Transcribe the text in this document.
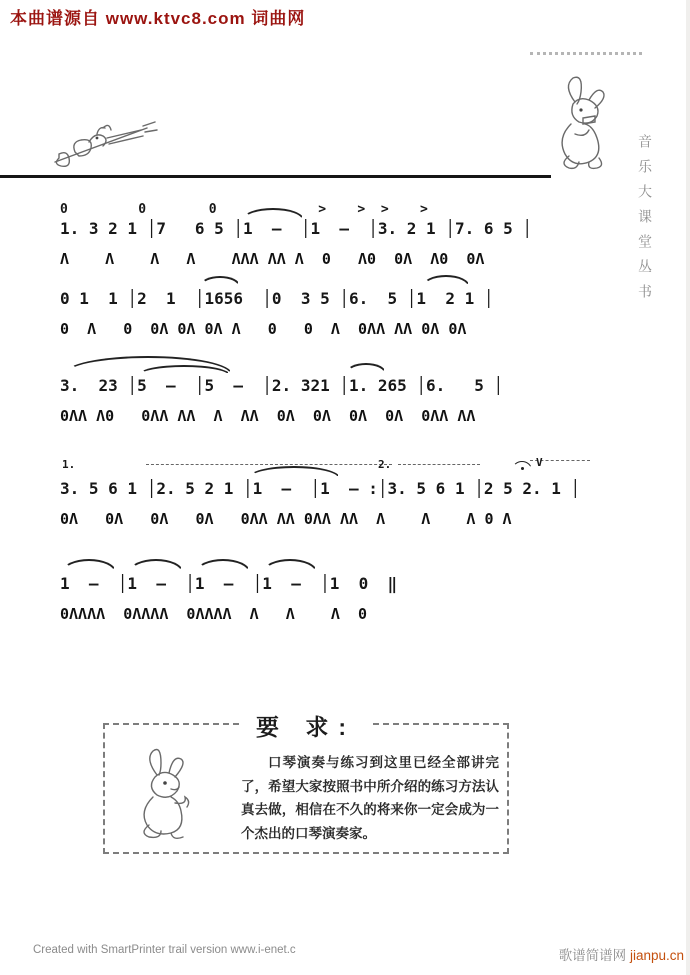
本曲谱源自 www.ktvc8.com 词曲网
音乐大课堂丛书
0         0        0             >    >  >    >
1. 3 2 1 │7   6 5 │1  —  │1  —  │3. 2 1 │7. 6 5 │
Λ    Λ    Λ   Λ    ΛΛΛ ΛΛ Λ  0   Λ0  0Λ  Λ0  0Λ
0 1  1 │2  1  │1656  │0  3 5 │6.  5 │1  2 1 │
0  Λ   0  0Λ 0Λ 0Λ Λ   0   0  Λ  0ΛΛ ΛΛ 0Λ 0Λ
3.  23 │5  —  │5  —  │2. 321 │1. 265 │6.   5 │
0ΛΛ Λ0   0ΛΛ ΛΛ  Λ  ΛΛ  0Λ  0Λ  0Λ  0Λ  0ΛΛ ΛΛ
1.	2.	V
3. 5 6 1 │2. 5 2 1 │1  —  │1  — :│3. 5 6 1 │2 5 2. 1 │
0Λ   0Λ   0Λ   0Λ   0ΛΛ ΛΛ 0ΛΛ ΛΛ  Λ    Λ    Λ 0 Λ
1  —  │1  —  │1  —  │1  —  │1  0  ‖
0ΛΛΛΛ  0ΛΛΛΛ  0ΛΛΛΛ  Λ   Λ    Λ  0
要 求:
口琴演奏与练习到这里已经全部讲完了，希望大家按照书中所介绍的练习方法认真去做，相信在不久的将来你一定会成为一个杰出的口琴演奏家。
Created with SmartPrinter trail version www.i-enet.c	歌谱简谱网 jianpu.cn
